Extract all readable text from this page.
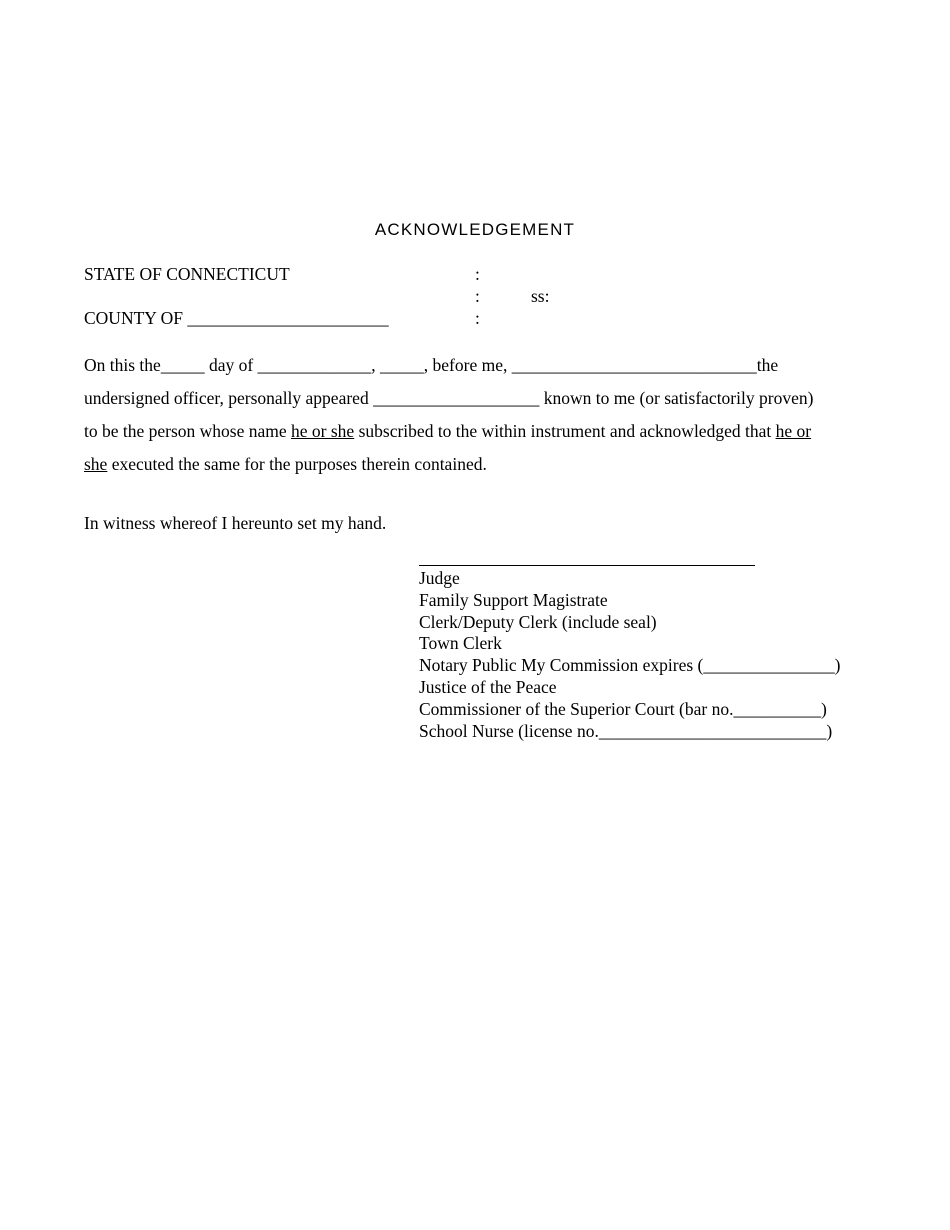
ACKNOWLEDGEMENT
STATE OF CONNECTICUT
COUNTY OF _______________________
:
:
:
ss:
On this the_____ day of _____________, _____, before me, ____________________________the
undersigned officer, personally appeared ___________________ known to me (or satisfactorily proven)
to be the person whose name he or she subscribed to the within instrument and acknowledged that he or
she executed the same for the purposes therein contained.
In witness whereof I hereunto set my hand.
Judge
Family Support Magistrate
Clerk/Deputy Clerk (include seal)
Town Clerk
Notary Public My Commission expires (_______________)
Justice of the Peace
Commissioner of the Superior Court (bar no.__________)
School Nurse (license no.__________________________)
